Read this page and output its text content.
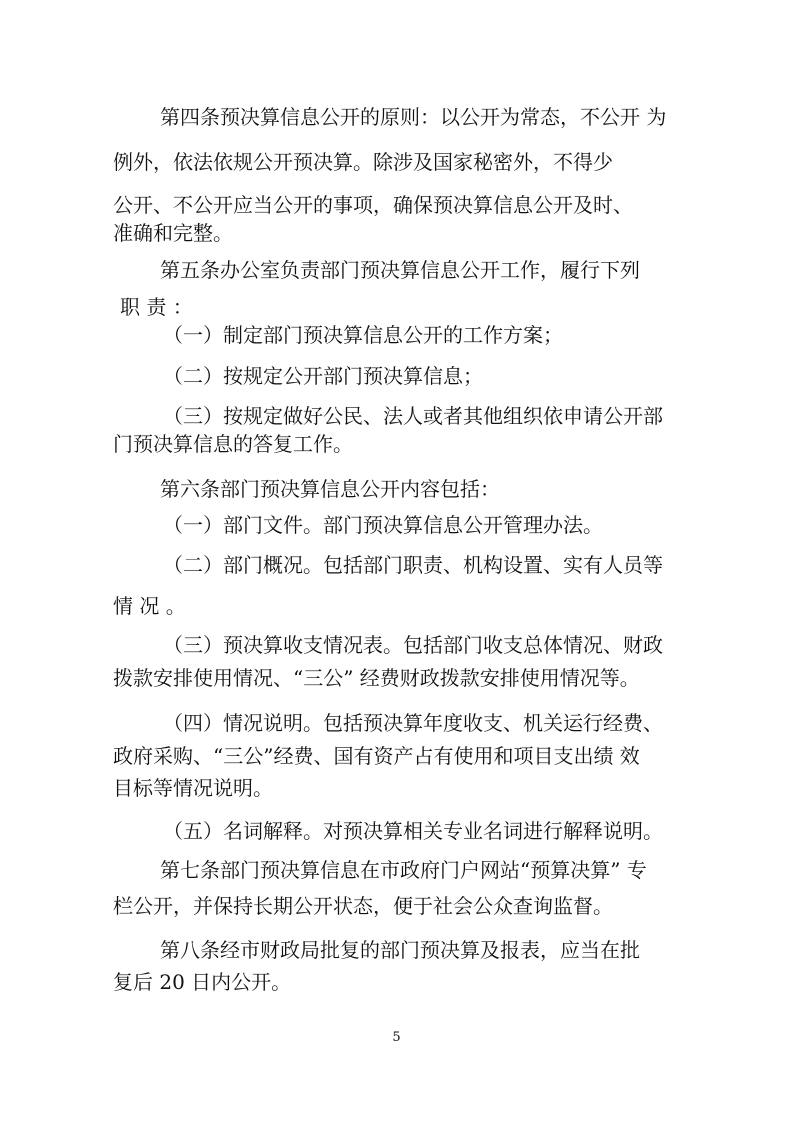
第四条预决算信息公开的原则：以公开为常态，不公开 为

例外，依法依规公开预决算。除涉及国家秘密外，不得少

公开、不公开应当公开的事项，确保预决算信息公开及时、

准确和完整。

第五条办公室负责部门预决算信息公开工作，履行下列

职 责 ：

（一）制定部门预决算信息公开的工作方案；

（二）按规定公开部门预决算信息；

（三）按规定做好公民、法人或者其他组织依申请公开部

门预决算信息的答复工作。

第六条部门预决算信息公开内容包括：

（一）部门文件。部门预决算信息公开管理办法。

（二）部门概况。包括部门职责、机构设置、实有人员等

情 况 。

（三）预决算收支情况表。包括部门收支总体情况、财政

拨款安排使用情况、“三公” 经费财政拨款安排使用情况等。

（四）情况说明。包括预决算年度收支、机关运行经费、

政府采购、“三公”经费、国有资产占有使用和项目支出绩 效

目标等情况说明。

（五）名词解释。对预决算相关专业名词进行解释说明。

第七条部门预决算信息在市政府门户网站“预算决算” 专

栏公开，并保持长期公开状态，便于社会公众查询监督。

第八条经市财政局批复的部门预决算及报表，应当在批

复后 20 日内公开。

5
